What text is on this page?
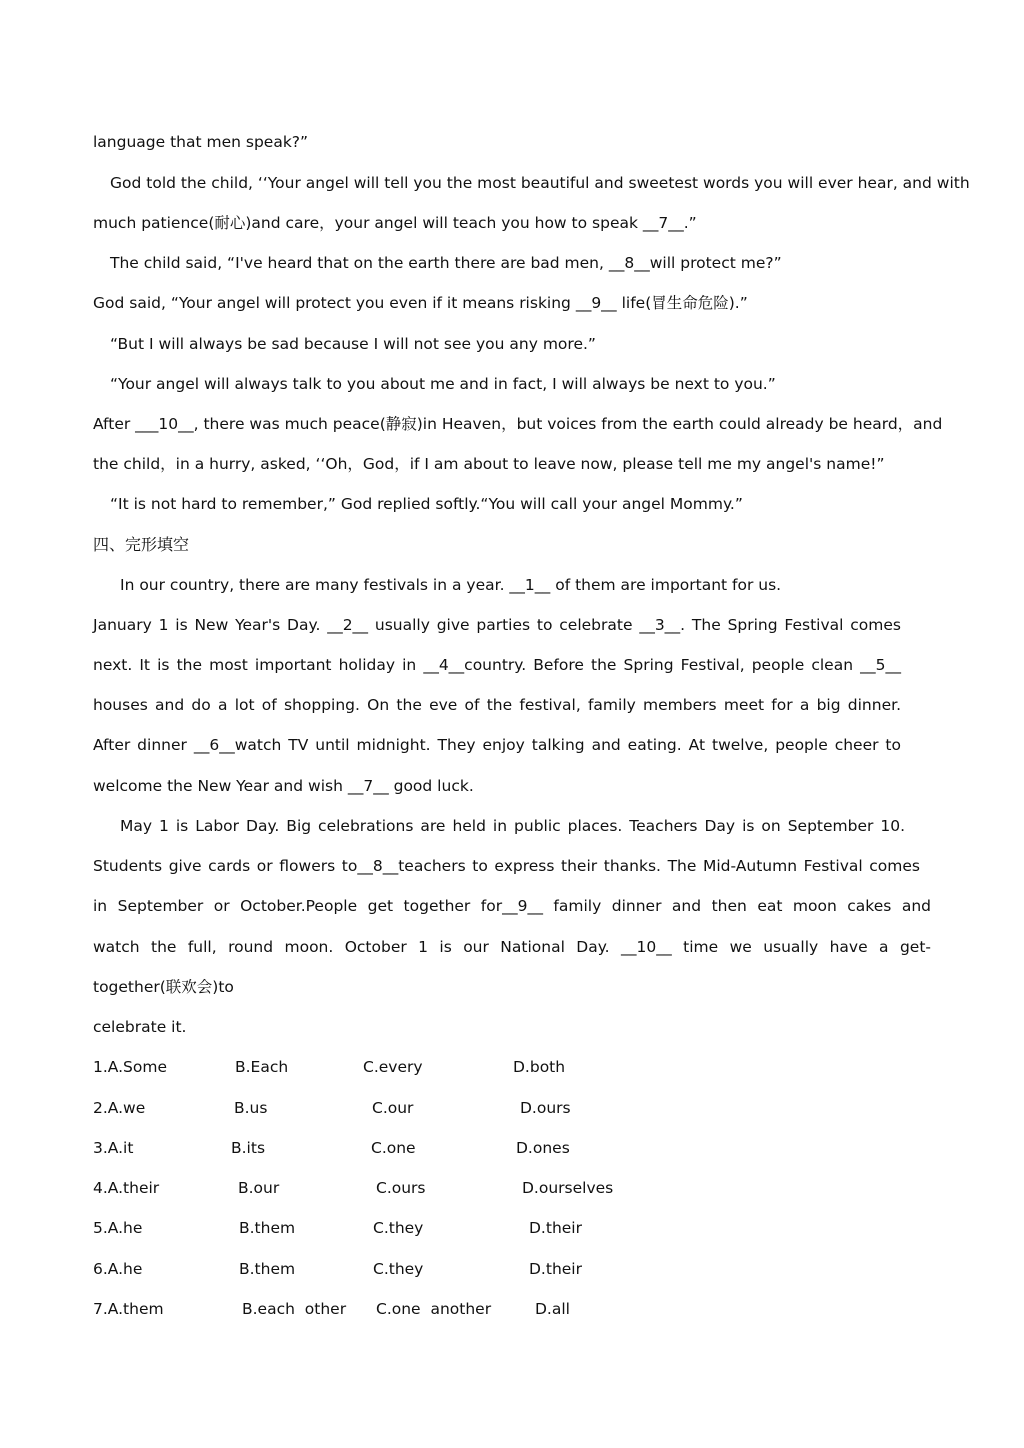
language that men speak?”
God told the child, ‘‘Your angel will tell you the most beautiful and sweetest words you will ever hear, and with
much patience(耐心)and care，your angel will teach you how to speak __7__.”
The child said, “I've heard that on the earth there are bad men, __8__will protect me?”
God said, “Your angel will protect you even if it means risking __9__ life(冒生命危险).”
“But I will always be sad because I will not see you any more.”
“Your angel will always talk to you about me and in fact, I will always be next to you.”
After ___10__, there was much peace(静寂)in Heaven，but voices from the earth could already be heard，and
the child，in a hurry, asked, ‘‘Oh，God，if I am about to leave now, please tell me my angel's name!”
“It is not hard to remember,” God replied softly.“You will call your angel Mommy.”
四、完形填空
In our country, there are many festivals in a year. __1__ of them are important for us.
January 1 is New Year's Day. __2__ usually give parties to celebrate __3__. The Spring Festival comes
next. It is the most important holiday in __4__country. Before the Spring Festival, people clean __5__
houses and do a lot of shopping. On the eve of the festival, family members meet for a big dinner.
After dinner __6__watch TV until midnight. They enjoy talking and eating. At twelve, people cheer to
welcome the New Year and wish __7__ good luck.
May 1 is Labor Day. Big celebrations are held in public places. Teachers Day is on September 10.
Students give cards or flowers to__8__teachers to express their thanks. The Mid-Autumn Festival comes
in September or October.People get together for__9__ family dinner and then eat moon cakes and
watch the full, round moon. October 1 is our National Day. __10__ time we usually have a get-
together(联欢会)to
celebrate it.
1.A.Some	B.Each	C.every	D.both
2.A.we	B.us	C.our	D.ours
3.A.it	B.its	C.one	D.ones
4.A.their	B.our	C.ours	D.ourselves
5.A.he	B.them	C.they	D.their
6.A.he	B.them	C.they	D.their
7.A.them	B.each  other C.one  another	D.all
